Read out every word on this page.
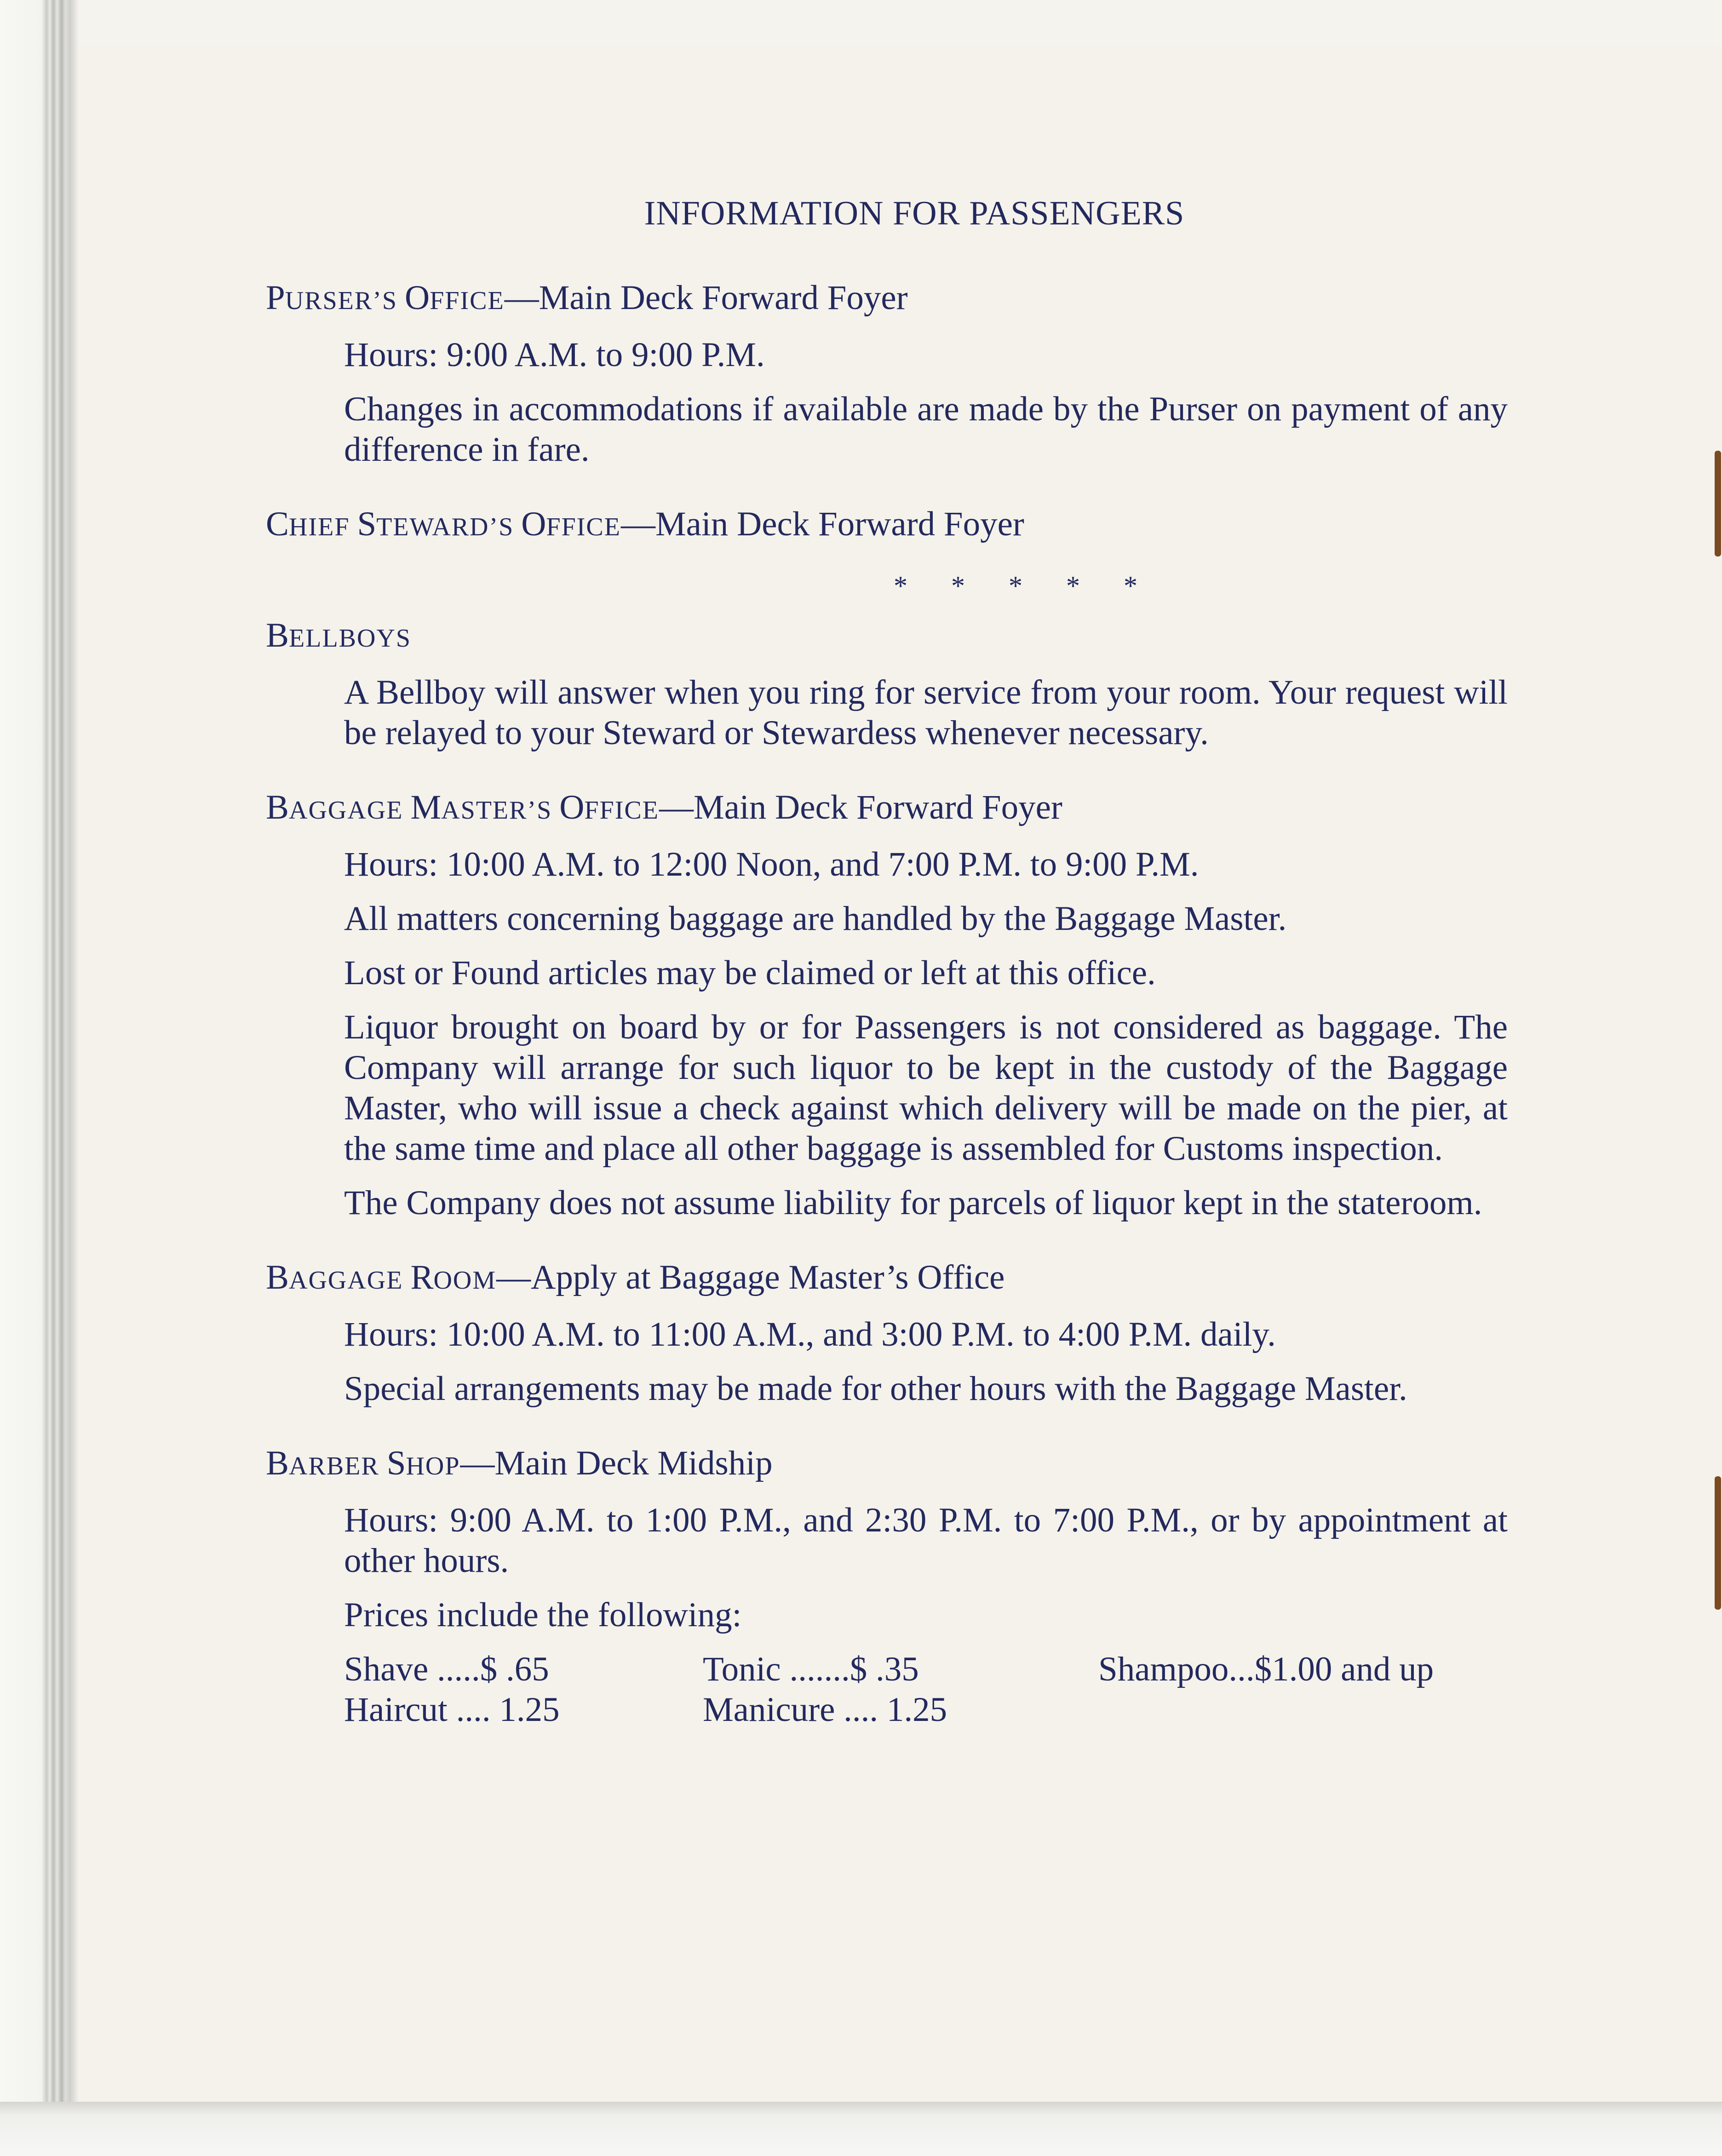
INFORMATION FOR PASSENGERS

PURSER’S OFFICE—Main Deck Forward Foyer

Hours: 9:00 A.M. to 9:00 P.M.

Changes in accommodations if available are made by the Purser on payment of any difference in fare.

CHIEF STEWARD’S OFFICE—Main Deck Forward Foyer

* * * * *

BELLBOYS

A Bellboy will answer when you ring for service from your room. Your request will be relayed to your Steward or Stewardess whenever necessary.

BAGGAGE MASTER’S OFFICE—Main Deck Forward Foyer

Hours: 10:00 A.M. to 12:00 Noon, and 7:00 P.M. to 9:00 P.M.

All matters concerning baggage are handled by the Baggage Master.

Lost or Found articles may be claimed or left at this office.

Liquor brought on board by or for Passengers is not considered as baggage. The Company will arrange for such liquor to be kept in the custody of the Baggage Master, who will issue a check against which delivery will be made on the pier, at the same time and place all other baggage is assembled for Customs inspection.

The Company does not assume liability for parcels of liquor kept in the stateroom.

BAGGAGE ROOM—Apply at Baggage Master’s Office

Hours: 10:00 A.M. to 11:00 A.M., and 3:00 P.M. to 4:00 P.M. daily.

Special arrangements may be made for other hours with the Baggage Master.

BARBER SHOP—Main Deck Midship

Hours: 9:00 A.M. to 1:00 P.M., and 2:30 P.M. to 7:00 P.M., or by appointment at other hours.

Prices include the following:

Shave .....$ .65	Tonic .......$ .35	Shampoo...$1.00 and up
Haircut .... 1.25	Manicure .... 1.25
